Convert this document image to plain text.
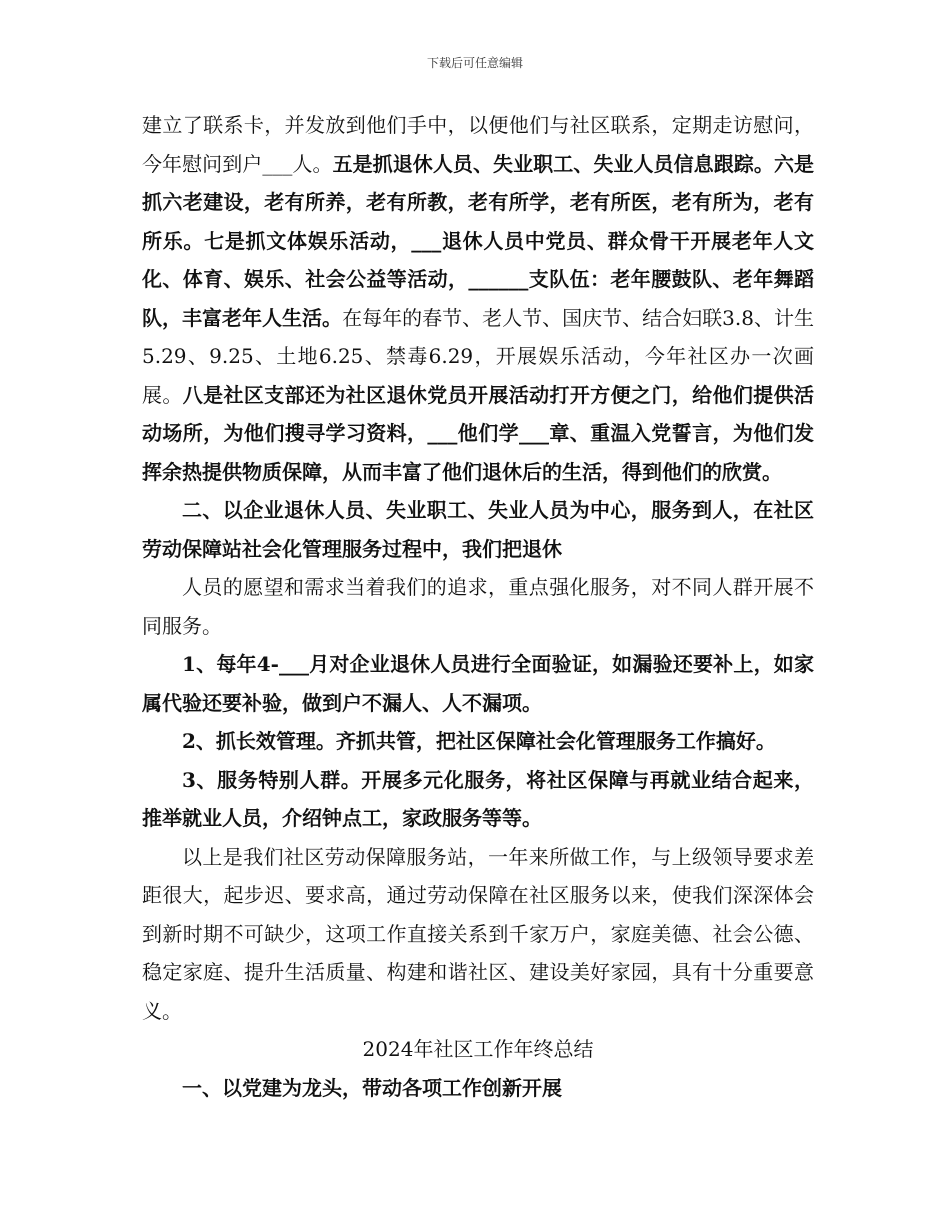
下载后可任意编辑

建立了联系卡，并发放到他们手中，以便他们与社区联系，定期走访慰问，今年慰问到户___人。五是抓退休人员、失业职工、失业人员信息跟踪。六是抓六老建设，老有所养，老有所教，老有所学，老有所医，老有所为，老有所乐。七是抓文体娱乐活动，___退休人员中党员、群众骨干开展老年人文化、体育、娱乐、社会公益等活动，______支队伍：老年腰鼓队、老年舞蹈队，丰富老年人生活。在每年的春节、老人节、国庆节、结合妇联3.8、计生5.29、9.25、土地6.25、禁毒6.29，开展娱乐活动，今年社区办一次画展。八是社区支部还为社区退休党员开展活动打开方便之门，给他们提供活动场所，为他们搜寻学习资料，___他们学___章、重温入党誓言，为他们发挥余热提供物质保障，从而丰富了他们退休后的生活，得到他们的欣赏。

二、以企业退休人员、失业职工、失业人员为中心，服务到人，在社区劳动保障站社会化管理服务过程中，我们把退休

人员的愿望和需求当着我们的追求，重点强化服务，对不同人群开展不同服务。

1、每年4-___月对企业退休人员进行全面验证，如漏验还要补上，如家属代验还要补验，做到户不漏人、人不漏项。

2、抓长效管理。齐抓共管，把社区保障社会化管理服务工作搞好。

3、服务特别人群。开展多元化服务，将社区保障与再就业结合起来，推举就业人员，介绍钟点工，家政服务等等。

以上是我们社区劳动保障服务站，一年来所做工作，与上级领导要求差距很大，起步迟、要求高，通过劳动保障在社区服务以来，使我们深深体会到新时期不可缺少，这项工作直接关系到千家万户，家庭美德、社会公德、稳定家庭、提升生活质量、构建和谐社区、建设美好家园，具有十分重要意义。

2024年社区工作年终总结

一、以党建为龙头，带动各项工作创新开展
